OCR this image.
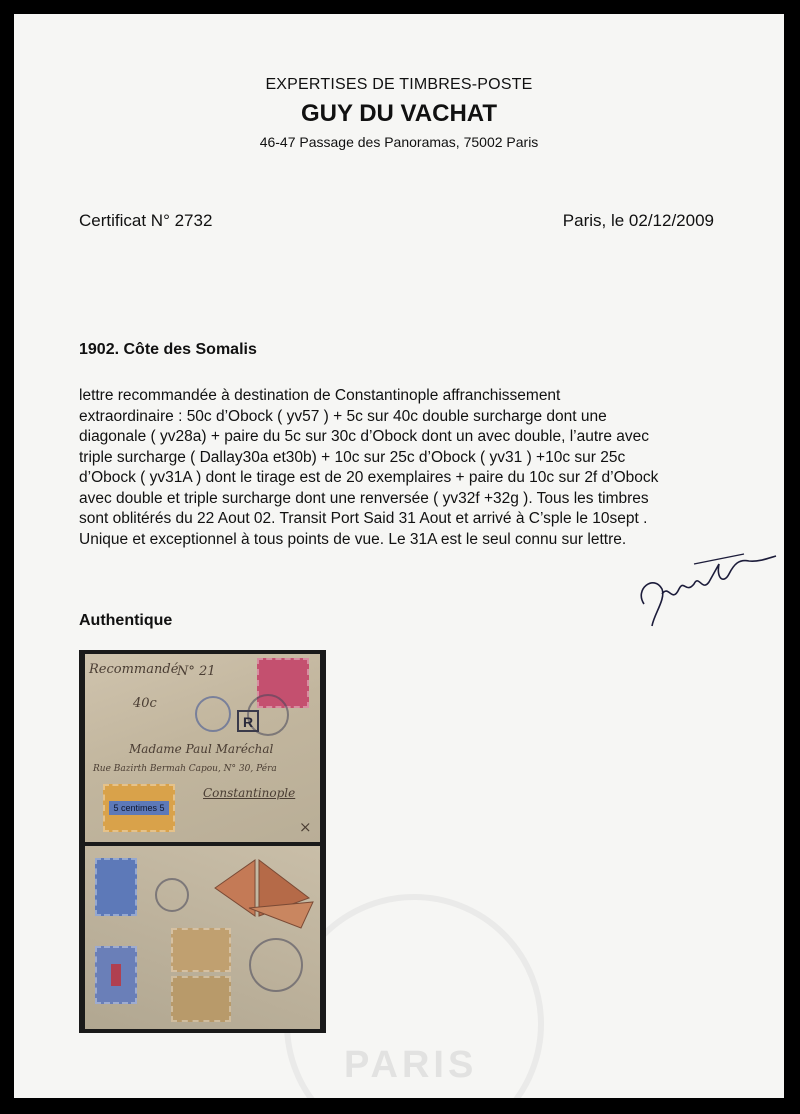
PARIS
EXPERTISES DE TIMBRES-POSTE
GUY DU VACHAT
46-47 Passage des Panoramas, 75002 Paris
Certificat N° 2732	Paris, le 02/12/2009
1902. Côte des Somalis
lettre recommandée à destination de Constantinople affranchissement
extraordinaire : 50c d’Obock ( yv57 ) + 5c sur 40c double surcharge dont une
diagonale ( yv28a) + paire du 5c sur 30c d’Obock dont un avec double, l’autre avec
triple surcharge ( Dallay30a et30b) + 10c sur 25c d’Obock ( yv31 ) +10c sur 25c
d’Obock ( yv31A ) dont le tirage est de 20 exemplaires + paire du 10c sur 2f d’Obock
avec double et triple surcharge dont une renversée ( yv32f +32g ). Tous les timbres
sont oblitérés du 22 Aout 02. Transit Port Said 31 Aout et arrivé à C’sple le 10sept .
Unique et exceptionnel à tous points de vue. Le 31A est le seul connu sur lettre.
Authentique
Recommandé
N° 21
40c
R
Madame Paul Maréchal
Rue Bazirth Bermah Capou, N° 30, Péra
Constantinople
5 centimes 5
×
